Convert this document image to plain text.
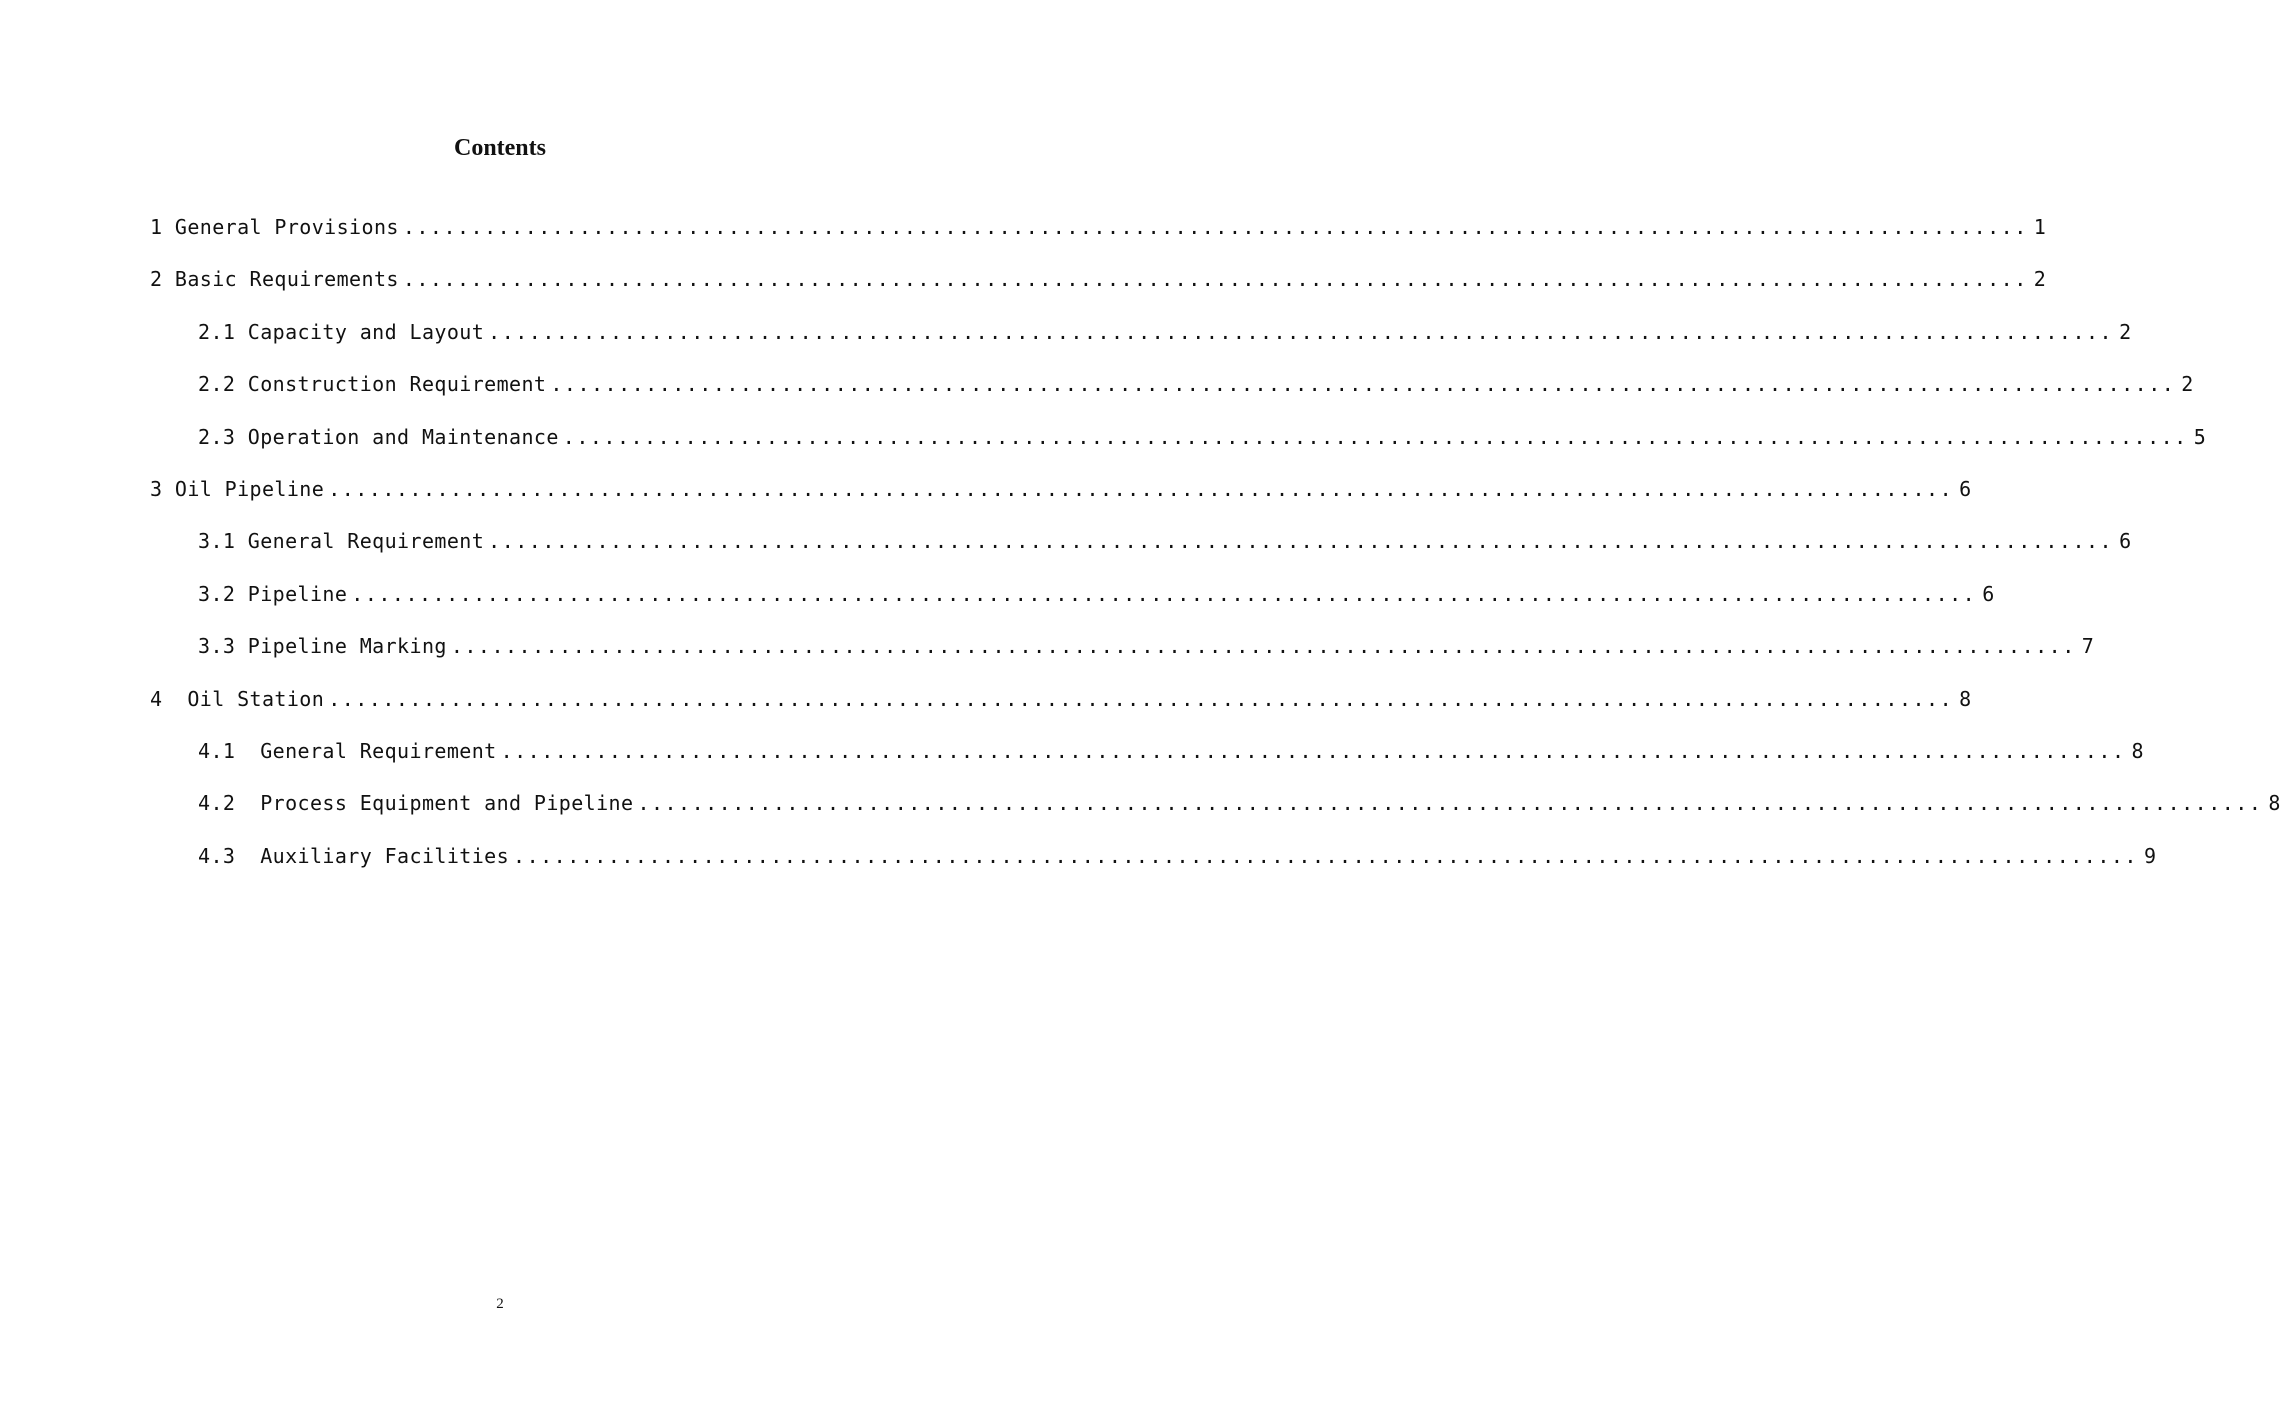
Contents
1 General Provisions ........................................................................................................................ 1
2 Basic Requirements ........................................................................................................................ 2
2.1 Capacity and Layout ........................................................................................................................ 2
2.2 Construction Requirement ........................................................................................................................ 2
2.3 Operation and Maintenance ........................................................................................................................ 5
3 Oil Pipeline ........................................................................................................................ 6
3.1 General Requirement ........................................................................................................................ 6
3.2 Pipeline ........................................................................................................................ 6
3.3 Pipeline Marking ........................................................................................................................ 7
4  Oil Station ........................................................................................................................ 8
4.1  General Requirement ........................................................................................................................ 8
4.2  Process Equipment and Pipeline ........................................................................................................................ 8
4.3  Auxiliary Facilities ........................................................................................................................ 9
2
